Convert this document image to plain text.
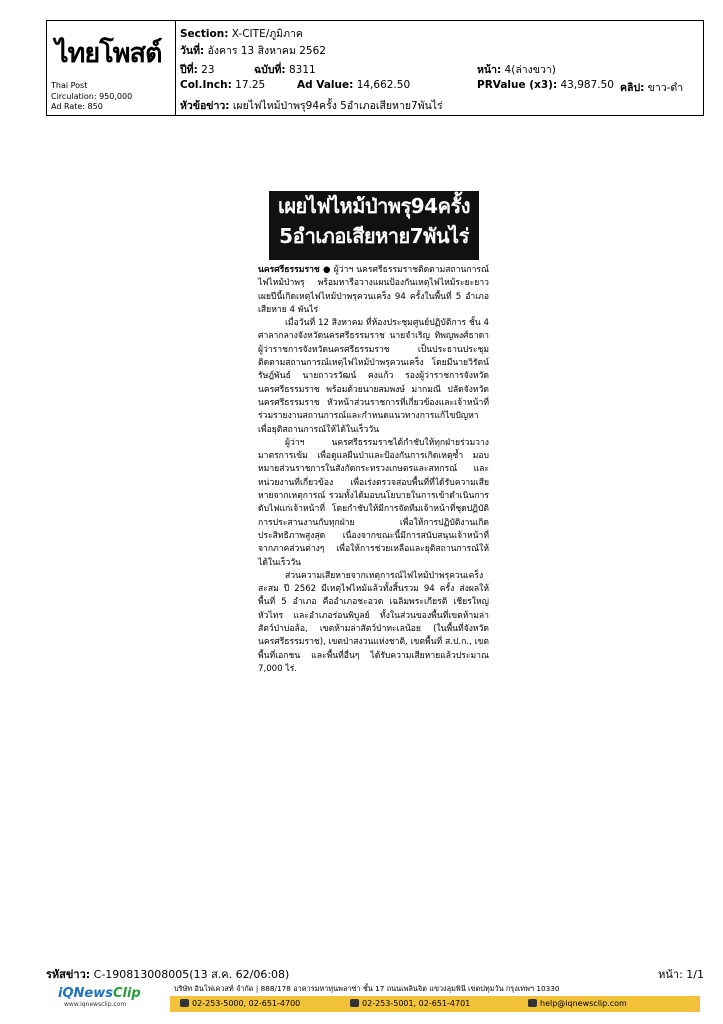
ไทยโพสต์
Thai Post
Circulation: 950,000
Ad Rate: 850
Section: X-CITE/ภูมิภาค
วันที่: อังคาร 13 สิงหาคม 2562
ปีที่: 23	ฉบับที่: 8311	หน้า: 4(ล่างขวา)
Col.Inch: 17.25	Ad Value: 14,662.50	PRValue (x3): 43,987.50 คลิป: ขาว-ดำ
หัวข้อข่าว: เผยไฟไหม้ป่าพรุ94ครั้ง 5อำเภอเสียหาย7พันไร่
เผยไฟไหม้ป่าพรุ94ครั้ง
5อำเภอเสียหาย7พันไร่

นครศรีธรรมราช ● ผู้ว่าฯ นครศรีธรรมราชติดตามสถานการณ์ไฟไหม้ป่าพรุ พร้อมหารือวางแผนป้องกันเหตุไฟไหม้ระยะยาว เผยปีนี้เกิดเหตุไฟไหม้ป่าพรุควนเคร็ง 94 ครั้งในพื้นที่ 5 อำเภอ เสียหาย 4 พันไร่

เมื่อวันที่ 12 สิงหาคม ที่ห้องประชุมศูนย์ปฏิบัติการ ชั้น 4 ศาลากลางจังหวัดนครศรีธรรมราช นายจำเริญ ทิพญพงศ์ธาดา ผู้ว่าราชการจังหวัดนครศรีธรรมราช เป็นประธานประชุมติดตามสถานการณ์เหตุไฟไหม้ป่าพรุควนเคร็ง โดยมีนายวิรัตน์ รัษฎ์พันธ์ นายถาวรวัฒน์ คงแก้ว รองผู้ว่าราชการจังหวัดนครศรีธรรมราช พร้อมด้วยนายสมพงษ์ มากมณี ปลัดจังหวัดนครศรีธรรมราช หัวหน้าส่วนราชการที่เกี่ยวข้องและเจ้าหน้าที่ร่วมรายงานสถานการณ์และกำหนดแนวทางการแก้ไขปัญหาเพื่อยุติสถานการณ์ให้ได้ในเร็ววัน

ผู้ว่าฯ นครศรีธรรมราชได้กำชับให้ทุกฝ่ายร่วมวางมาตรการเข้ม เพื่อดูแลผืนป่าและป้องกันการเกิดเหตุซ้ำ มอบหมายส่วนราชการในสังกัดกระทรวงเกษตรและสหกรณ์ และหน่วยงานที่เกี่ยวข้อง เพื่อเร่งตรวจสอบพื้นที่ที่ได้รับความเสียหายจากเหตุการณ์ รวมทั้งได้มอบนโยบายในการเข้าดำเนินการดับไฟแก่เจ้าหน้าที่ โดยกำชับให้มีการจัดทีมเจ้าหน้าที่ชุดปฏิบัติการประสานงานกับทุกฝ่าย เพื่อให้การปฏิบัติงานเกิดประสิทธิภาพสูงสุด เนื่องจากขณะนี้มีการสนับสนุนเจ้าหน้าที่จากภาคส่วนต่างๆ เพื่อให้การช่วยเหลือและยุติสถานการณ์ให้ได้ในเร็ววัน

ส่วนความเสียหายจากเหตุการณ์ไฟไหม้ป่าพรุควนเคร็งสะสม ปี 2562 มีเหตุไฟไหม้แล้วทั้งสิ้นรวม 94 ครั้ง ส่งผลให้พื้นที่ 5 อำเภอ คืออำเภอชะอวด เฉลิมพระเกียรติ เชียรใหญ่ หัวไทร และอำเภอร่อนพิบูลย์ ทั้งในส่วนของพื้นที่เขตห้ามล่าสัตว์ป่าบ่อล้อ, เขตห้ามล่าสัตว์ป่าทะเลน้อย (ในพื้นที่จังหวัดนครศรีธรรมราช), เขตป่าสงวนแห่งชาติ, เขตพื้นที่ ส.ป.ก., เขตพื้นที่เอกชน และพื้นที่อื่นๆ ได้รับความเสียหายแล้วประมาณ 7,000 ไร่.

รหัสข่าว: C-190813008005(13 ส.ค. 62/06:08)	หน้า: 1/1
iQNewsClip
www.iqnewsclip.com
บริษัท อินโฟเควสท์ จำกัด | 888/178 อาคารมหาทุนพลาซ่า ชั้น 17 ถนนเพลินจิต แขวงลุมพินี เขตปทุมวัน กรุงเทพฯ 10330
02-253-5000, 02-651-4700	02-253-5001, 02-651-4701	help@iqnewsclip.com
